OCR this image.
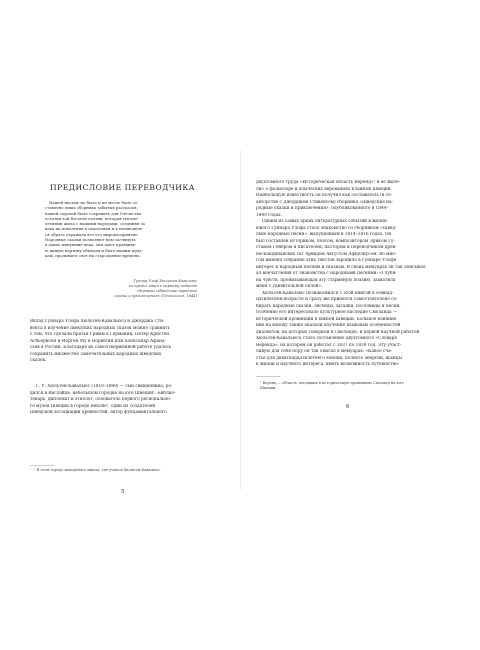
ПРЕДИСЛОВИЕ ПЕРЕВОДЧИКА
Нашей письме не было и не могло быть со-
ставлено лишь сборника забытых рассказов;
нашей задачей было сохранить для Отечества
остатки той богатой поэзии, которая тысяче-
летиями жила с нашими народами, соединяя за
века их поколения в поколения и в меняющем-
ся образе отражала все его мировосприятие.
Народные сказки позволяют нам заглянуть
в давно минувшие века, они дают правдиву-
ю живую картину обычаев и быта нашим пред-
кам, проливают свет на стародавние времена.
Гуннар Улоф Хюльтен-Кавальюс
из предисловия к первому изданию
сборника «Шведские народные
сказки и приключения» (Стокгольм, 1844)
Вклад Гуннара Улофа Хюльтен-Кавальюса и Джорджа Сти-
венса в изучение шведских народных сказок можно сравнить
с тем, что сделали братья Гримм в Германии, Петер Кристен
Асбьёрнсен и Йорген Му в Норвегии или Александр Афана-
сьев в России. Благодаря их самоотверженной работе удалось
сохранить множество замечательных народных шведских
сказок.
Г. У. Хюльтен-Кавальюс (1818–1889) — сын священника, ро-
дился в Вислайде, небольшом городке на юге Швеции¹. Библио-
текарь, дипломат и этнолог, основатель первого регионально-
го музея Швеции в городе Вексйё¹, один из создателей
Шведской ассоциации древностей, автор фундаментального
¹ В этом городе находилась школа, где учился Хюльтен-Кавальюс.
5
двухтомного труда «Историческая область Веренд»¹ и её жите-
ли» о фольклоре и языческих верованиях в южной Швеции.
Наибольшую известность он получил как составитель (в со-
авторстве с Джорджем Стивенсом) сборника «Шведские на-
родные сказки и приключения», опубликованного в 1844–
1849 годах.
Одним из самых ярких литературных событий в жизни
юного Гуннара Улофа стало знакомство со сборником «Швед-
ские народные песни», выпущенным в 1814–1816 годах. Он
был составлен историком, поэтом, композитором Эриком Гу-
ставом Гейером и писателем, пастором и переводчиком древ-
нескандинавских саг Арвидом Августом Афцелиусом. Во мно-
гом именно собрание этих текстов заронило в Гуннаре Улофе
интерес к народным песням и сказкам. В своих мемуарах он так описывал
ал впечатления от знакомства с народными песнями: «Глуби-
на чувств, пронизывающая эту старинную поэзию, захватила
меня с удивительной силой».
Хюльтен-Кавальюс познакомился с этой книгой в семнад-
цатилетнем возрасте и сразу же принялся самостоятельно со-
бирать народные сказки, легенды, загадки, пословицы и песни.
Особенно его интересовало культурное наследие Смоланда —
исторической провинции в южной Швеции. Большое влияние
ние на юношу также оказали изучение языковых особенностей
диалектов, на которых говорили в Смоланде, и первой научной работой
Хюльтен-Кавальюса стало составление двухтомного «Словаря
Веренда», на котором он работал с 1837 по 1839 год. Эту участ-
ливую для себя пору он так описал в мемуарах: «Какое сча-
стье для девятнадцатилетнего юноши, полного энергии, жажды
к жизни и научного интереса, иметь возможность путешество-
¹ Веренд — область, входящая в историческую провинцию Смоланд на юге Швеции.
6
